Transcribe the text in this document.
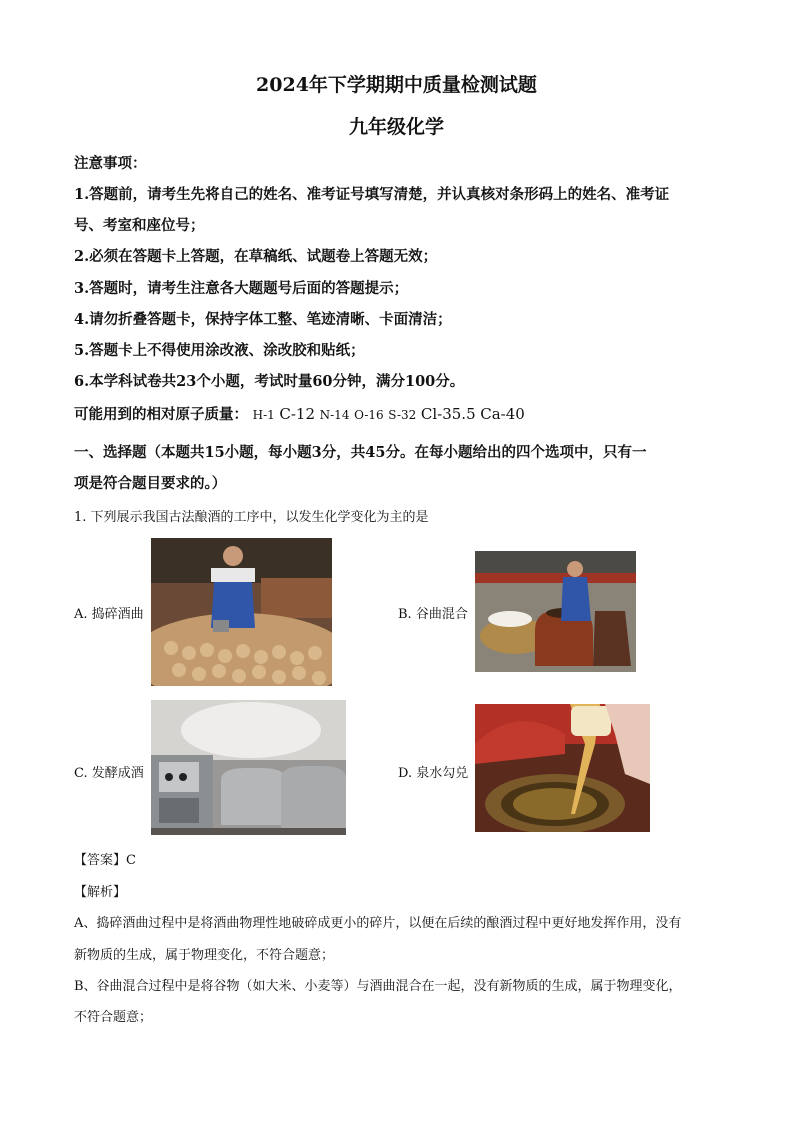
2024年下学期期中质量检测试题
九年级化学
注意事项：
1.答题前，请考生先将自己的姓名、准考证号填写清楚，并认真核对条形码上的姓名、准考证
号、考室和座位号；
2.必须在答题卡上答题，在草稿纸、试题卷上答题无效；
3.答题时，请考生注意各大题题号后面的答题提示；
4.请勿折叠答题卡，保持字体工整、笔迹清晰、卡面清洁；
5.答题卡上不得使用涂改液、涂改胶和贴纸；
6.本学科试卷共23个小题，考试时量60分钟，满分100分。
可能用到的相对原子质量： H-1 C-12 N-14 O-16 S-32 Cl-35.5 Ca-40
一、选择题（本题共15小题，每小题3分，共45分。在每小题给出的四个选项中，只有一
项是符合题目要求的。）
1. 下列展示我国古法酿酒的工序中，以发生化学变化为主的是
A. 捣碎酒曲	B. 谷曲混合
C. 发酵成酒	D. 泉水勾兑
【答案】C
【解析】
A、捣碎酒曲过程中是将酒曲物理性地破碎成更小的碎片，以便在后续的酿酒过程中更好地发挥作用，没有
新物质的生成，属于物理变化，不符合题意；
B、谷曲混合过程中是将谷物（如大米、小麦等）与酒曲混合在一起，没有新物质的生成，属于物理变化，
不符合题意；
